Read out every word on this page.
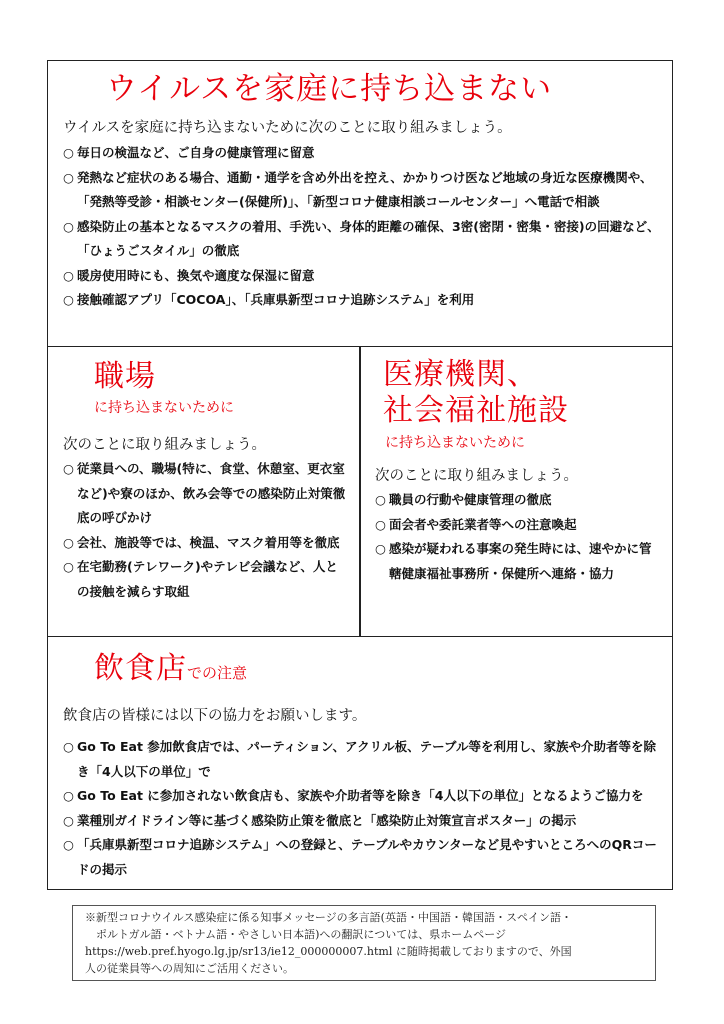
ウイルスを家庭に持ち込まない
ウイルスを家庭に持ち込まないために次のことに取り組みましょう。
○ 毎日の検温など、ご自身の健康管理に留意
○ 発熱など症状のある場合、通勤・通学を含め外出を控え、かかりつけ医など地域の身近な医療機関や、「発熱等受診・相談センター(保健所)」、「新型コロナ健康相談コールセンター」へ電話で相談
○ 感染防止の基本となるマスクの着用、手洗い、身体的距離の確保、3密(密閉・密集・密接)の回避など、「ひょうごスタイル」の徹底
○ 暖房使用時にも、換気や適度な保湿に留意
○ 接触確認アプリ「COCOA」、「兵庫県新型コロナ追跡システム」を利用
職場
に持ち込まないために
次のことに取り組みましょう。
○ 従業員への、職場(特に、食堂、休憩室、更衣室など)や寮のほか、飲み会等での感染防止対策徹底の呼びかけ
○ 会社、施設等では、検温、マスク着用等を徹底
○ 在宅勤務(テレワーク)やテレビ会議など、人との接触を減らす取組
医療機関、
社会福祉施設
に持ち込まないために
次のことに取り組みましょう。
○ 職員の行動や健康管理の徹底
○ 面会者や委託業者等への注意喚起
○ 感染が疑われる事案の発生時には、速やかに管轄健康福祉事務所・保健所へ連絡・協力
飲食店での注意
飲食店の皆様には以下の協力をお願いします。
○ Go To Eat 参加飲食店では、パーティション、アクリル板、テーブル等を利用し、家族や介助者等を除き「4人以下の単位」で
○ Go To Eat に参加されない飲食店も、家族や介助者等を除き「4人以下の単位」となるようご協力を
○ 業種別ガイドライン等に基づく感染防止策を徹底と「感染防止対策宣言ポスター」の掲示
○ 「兵庫県新型コロナ追跡システム」への登録と、テーブルやカウンターなど見やすいところへのQRコードの掲示

※新型コロナウイルス感染症に係る知事メッセージの多言語(英語・中国語・韓国語・スペイン語・

ポルトガル語・ベトナム語・やさしい日本語)への翻訳については、県ホームページ

https://web.pref.hyogo.lg.jp/sr13/ie12_000000007.html に随時掲載しておりますので、外国

人の従業員等への周知にご活用ください。
